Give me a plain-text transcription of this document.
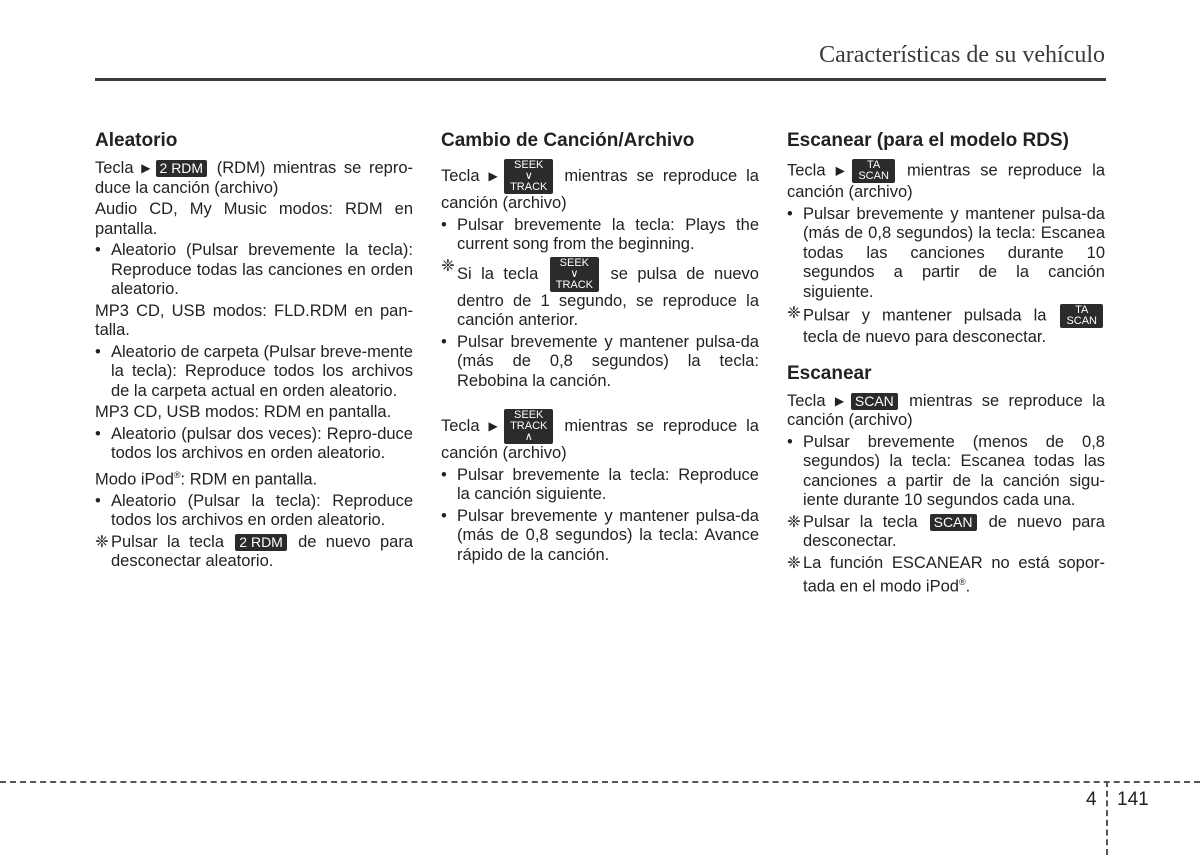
Características de su vehículo
Aleatorio

Tecla ▶ 2 RDM (RDM) mientras se repro-duce la canción (archivo)

Audio CD, My Music modos: RDM en pantalla.

• Aleatorio (Pulsar brevemente la tecla): Reproduce todas las canciones en orden aleatorio.

MP3 CD, USB modos: FLD.RDM en pan-talla.

• Aleatorio de carpeta (Pulsar breve-mente la tecla): Reproduce todos los archivos de la carpeta actual en orden aleatorio.

MP3 CD, USB modos: RDM en pantalla.

• Aleatorio (pulsar dos veces): Repro-duce todos los archivos en orden aleatorio.

Modo iPod®: RDM en pantalla.

• Aleatorio (Pulsar la tecla): Reproduce todos los archivos en orden aleatorio.
❈ Pulsar la tecla 2 RDM de nuevo para desconectar aleatorio.
Cambio de Canción/Archivo

Tecla ▶
SEEK
∨
TRACK
mientras se reproduce la canción (archivo)

• Pulsar brevemente la tecla: Plays the current song from the beginning.
❈ Si la tecla
SEEK
∨
TRACK
se pulsa de nuevo dentro de 1 segundo, se reproduce la canción anterior.
• Pulsar brevemente y mantener pulsa-da (más de 0,8 segundos) la tecla: Rebobina la canción.

Tecla ▶
SEEK
TRACK
∧
mientras se reproduce la canción (archivo)

• Pulsar brevemente la tecla: Reproduce la canción siguiente.
• Pulsar brevemente y mantener pulsa-da (más de 0,8 segundos) la tecla: Avance rápido de la canción.
Escanear (para el modelo RDS)

Tecla ▶	TA
SCAN mientras se reproduce la canción (archivo)

• Pulsar brevemente y mantener pulsa-da (más de 0,8 segundos) la tecla: Escanea todas las canciones durante 10 segundos a partir de la canción siguiente.
❈ Pulsar y mantener pulsada la	TA
SCAN
tecla de nuevo para desconectar.
Escanear

Tecla ▶ SCAN mientras se reproduce la canción (archivo)

• Pulsar brevemente (menos de 0,8 segundos) la tecla: Escanea todas las canciones a partir de la canción sigu-iente durante 10 segundos cada una.
❈ Pulsar la tecla SCAN de nuevo para desconectar.
❈ La función ESCANEAR no está sopor-tada en el modo iPod®.
4 141
